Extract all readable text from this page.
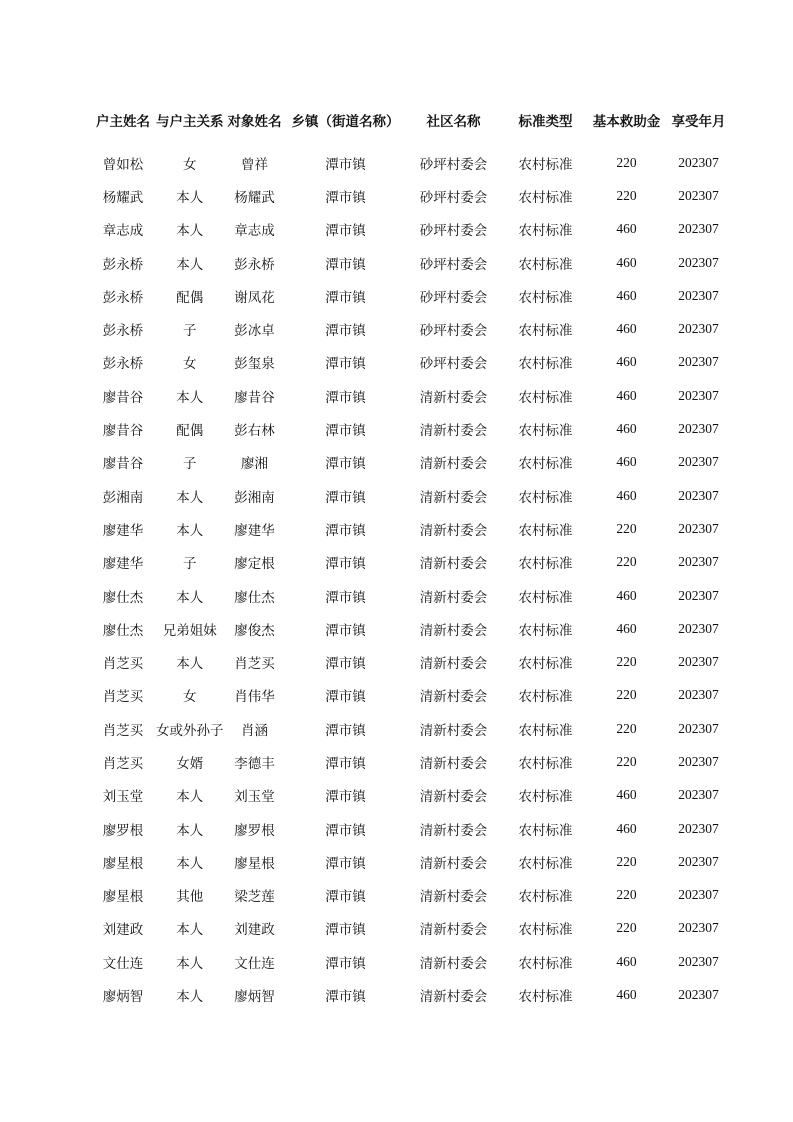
户主姓名	与户主关系	对象姓名	乡镇（街道名称）	社区名称	标准类型	基本救助金	享受年月
曾如松	女	曾祥	潭市镇	砂坪村委会	农村标准	220	202307
杨耀武	本人	杨耀武	潭市镇	砂坪村委会	农村标准	220	202307
章志成	本人	章志成	潭市镇	砂坪村委会	农村标准	460	202307
彭永桥	本人	彭永桥	潭市镇	砂坪村委会	农村标准	460	202307
彭永桥	配偶	谢凤花	潭市镇	砂坪村委会	农村标准	460	202307
彭永桥	子	彭冰卓	潭市镇	砂坪村委会	农村标准	460	202307
彭永桥	女	彭玺泉	潭市镇	砂坪村委会	农村标准	460	202307
廖昔谷	本人	廖昔谷	潭市镇	清新村委会	农村标准	460	202307
廖昔谷	配偶	彭右林	潭市镇	清新村委会	农村标准	460	202307
廖昔谷	子	廖湘	潭市镇	清新村委会	农村标准	460	202307
彭湘南	本人	彭湘南	潭市镇	清新村委会	农村标准	460	202307
廖建华	本人	廖建华	潭市镇	清新村委会	农村标准	220	202307
廖建华	子	廖定根	潭市镇	清新村委会	农村标准	220	202307
廖仕杰	本人	廖仕杰	潭市镇	清新村委会	农村标准	460	202307
廖仕杰	兄弟姐妹	廖俊杰	潭市镇	清新村委会	农村标准	460	202307
肖芝买	本人	肖芝买	潭市镇	清新村委会	农村标准	220	202307
肖芝买	女	肖伟华	潭市镇	清新村委会	农村标准	220	202307
肖芝买	女或外孙子	肖涵	潭市镇	清新村委会	农村标准	220	202307
肖芝买	女婿	李德丰	潭市镇	清新村委会	农村标准	220	202307
刘玉堂	本人	刘玉堂	潭市镇	清新村委会	农村标准	460	202307
廖罗根	本人	廖罗根	潭市镇	清新村委会	农村标准	460	202307
廖星根	本人	廖星根	潭市镇	清新村委会	农村标准	220	202307
廖星根	其他	梁芝莲	潭市镇	清新村委会	农村标准	220	202307
刘建政	本人	刘建政	潭市镇	清新村委会	农村标准	220	202307
文仕连	本人	文仕连	潭市镇	清新村委会	农村标准	460	202307
廖炳智	本人	廖炳智	潭市镇	清新村委会	农村标准	460	202307
